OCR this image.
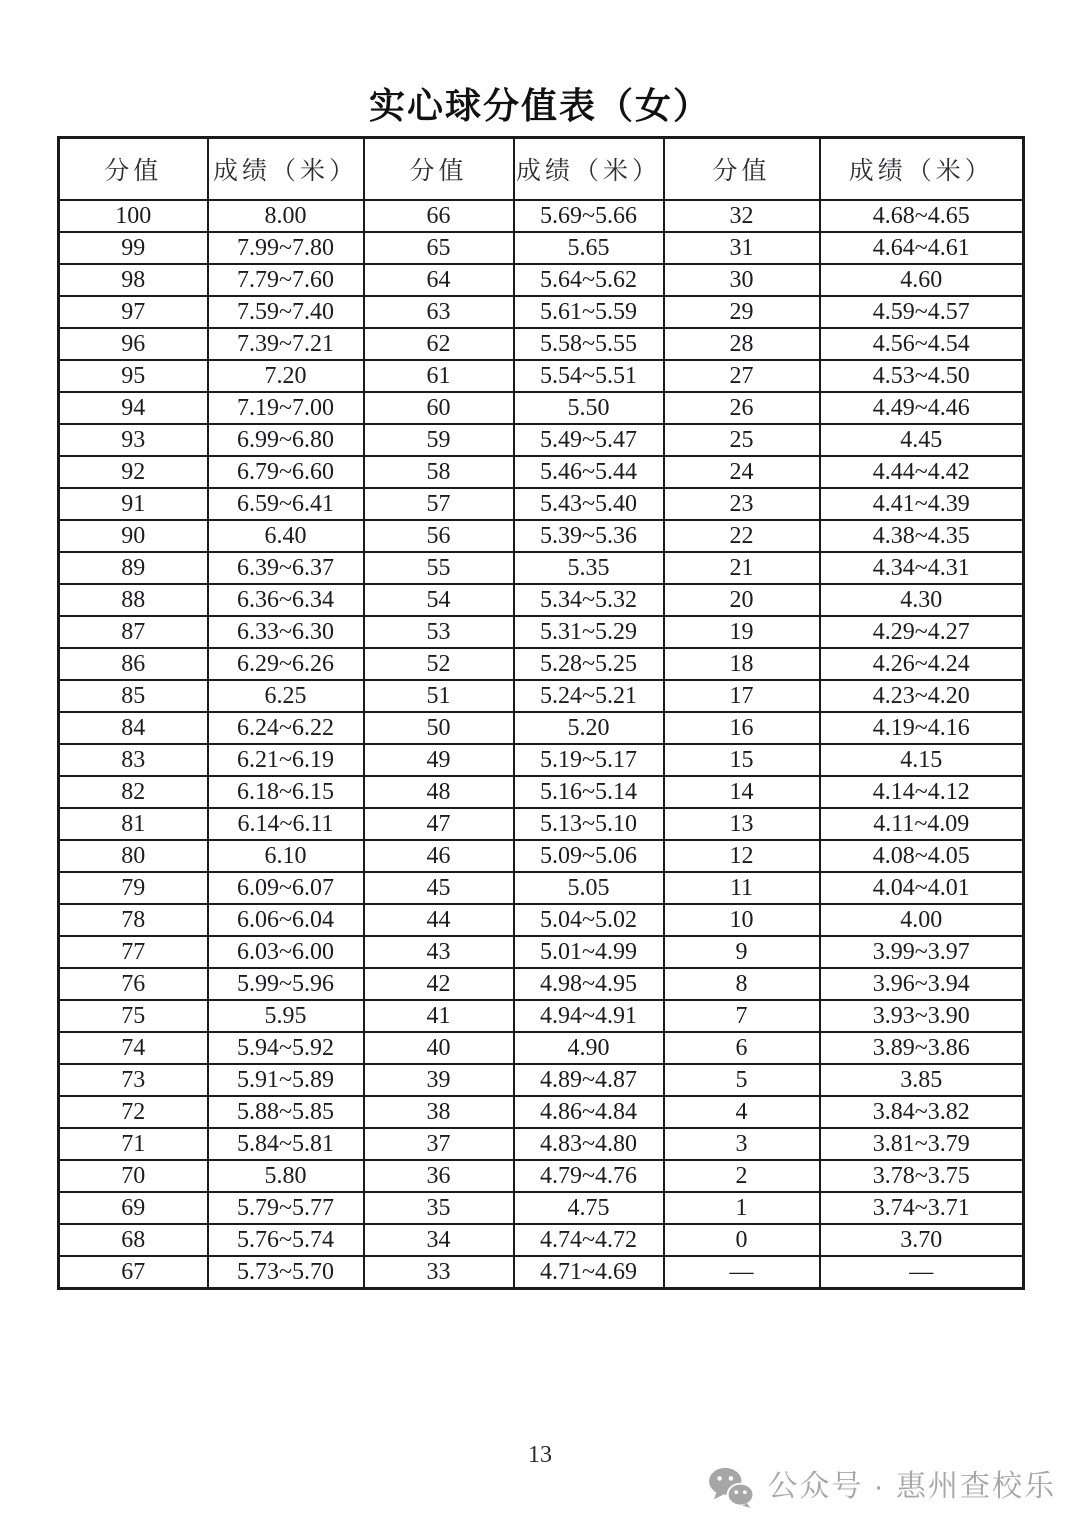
实心球分值表（女）
分值	成绩（米）	分值	成绩（米）	分值	成绩（米）
100	8.00	66	5.69~5.66	32	4.68~4.65
99	7.99~7.80	65	5.65	31	4.64~4.61
98	7.79~7.60	64	5.64~5.62	30	4.60
97	7.59~7.40	63	5.61~5.59	29	4.59~4.57
96	7.39~7.21	62	5.58~5.55	28	4.56~4.54
95	7.20	61	5.54~5.51	27	4.53~4.50
94	7.19~7.00	60	5.50	26	4.49~4.46
93	6.99~6.80	59	5.49~5.47	25	4.45
92	6.79~6.60	58	5.46~5.44	24	4.44~4.42
91	6.59~6.41	57	5.43~5.40	23	4.41~4.39
90	6.40	56	5.39~5.36	22	4.38~4.35
89	6.39~6.37	55	5.35	21	4.34~4.31
88	6.36~6.34	54	5.34~5.32	20	4.30
87	6.33~6.30	53	5.31~5.29	19	4.29~4.27
86	6.29~6.26	52	5.28~5.25	18	4.26~4.24
85	6.25	51	5.24~5.21	17	4.23~4.20
84	6.24~6.22	50	5.20	16	4.19~4.16
83	6.21~6.19	49	5.19~5.17	15	4.15
82	6.18~6.15	48	5.16~5.14	14	4.14~4.12
81	6.14~6.11	47	5.13~5.10	13	4.11~4.09
80	6.10	46	5.09~5.06	12	4.08~4.05
79	6.09~6.07	45	5.05	11	4.04~4.01
78	6.06~6.04	44	5.04~5.02	10	4.00
77	6.03~6.00	43	5.01~4.99	9	3.99~3.97
76	5.99~5.96	42	4.98~4.95	8	3.96~3.94
75	5.95	41	4.94~4.91	7	3.93~3.90
74	5.94~5.92	40	4.90	6	3.89~3.86
73	5.91~5.89	39	4.89~4.87	5	3.85
72	5.88~5.85	38	4.86~4.84	4	3.84~3.82
71	5.84~5.81	37	4.83~4.80	3	3.81~3.79
70	5.80	36	4.79~4.76	2	3.78~3.75
69	5.79~5.77	35	4.75	1	3.74~3.71
68	5.76~5.74	34	4.74~4.72	0	3.70
67	5.73~5.70	33	4.71~4.69	—	—
13
公众号 · 惠州查校乐
